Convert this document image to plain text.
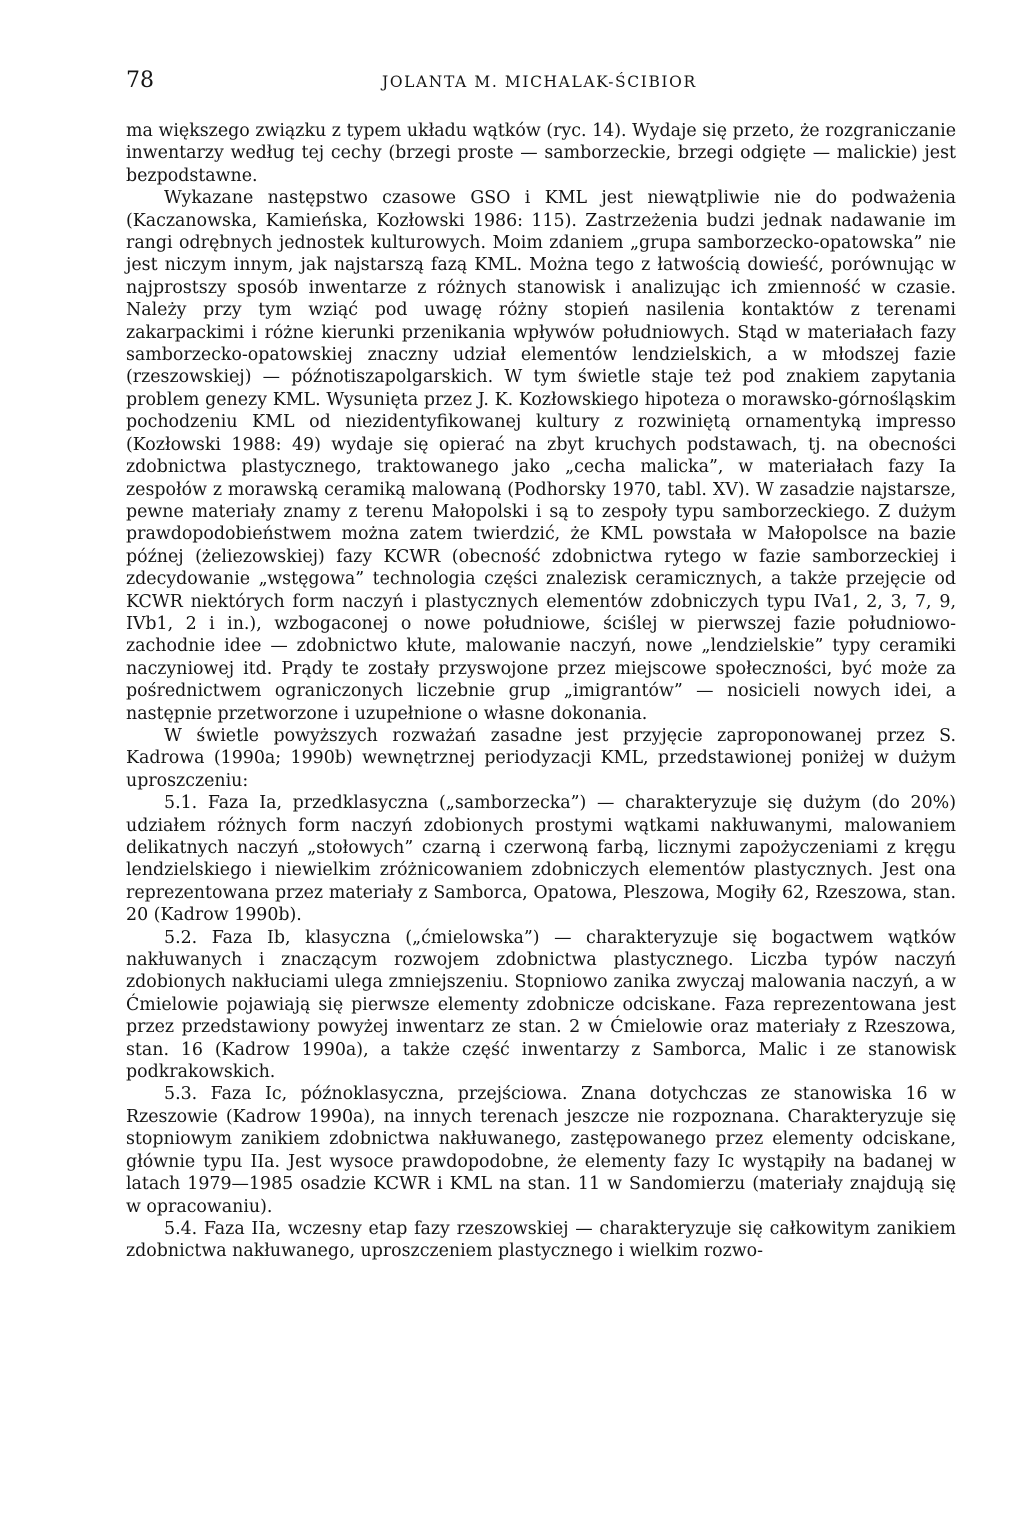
78	JOLANTA M. MICHALAK-ŚCIBIOR

ma większego związku z typem układu wątków (ryc. 14). Wydaje się przeto, że rozgraniczanie inwentarzy według tej cechy (brzegi proste — samborzeckie, brzegi odgięte — malickie) jest bezpodstawne.

Wykazane następstwo czasowe GSO i KML jest niewątpliwie nie do podważenia (Kaczanowska, Kamieńska, Kozłowski 1986: 115). Zastrzeżenia budzi jednak nadawanie im rangi odrębnych jednostek kulturowych. Moim zdaniem „grupa samborzecko-opatowska” nie jest niczym innym, jak najstarszą fazą KML. Można tego z łatwością dowieść, porównując w najprostszy sposób inwentarze z różnych stanowisk i analizując ich zmienność w czasie. Należy przy tym wziąć pod uwagę różny stopień nasilenia kontaktów z terenami zakarpackimi i różne kierunki przenikania wpływów południowych. Stąd w materiałach fazy samborzecko-opatowskiej znaczny udział elementów lendzielskich, a w młodszej fazie (rzeszowskiej) — późnotiszapolgarskich. W tym świetle staje też pod znakiem zapytania problem genezy KML. Wysunięta przez J. K. Kozłowskiego hipoteza o morawsko-górnośląskim pochodzeniu KML od niezidentyfikowanej kultury z rozwiniętą ornamentyką impresso (Kozłowski 1988: 49) wydaje się opierać na zbyt kruchych podstawach, tj. na obecności zdobnictwa plastycznego, traktowanego jako „cecha malicka”, w materiałach fazy Ia zespołów z morawską ceramiką malowaną (Podhorsky 1970, tabl. XV). W zasadzie najstarsze, pewne materiały znamy z terenu Małopolski i są to zespoły typu samborzeckiego. Z dużym prawdopodobieństwem można zatem twierdzić, że KML powstała w Małopolsce na bazie późnej (żeliezowskiej) fazy KCWR (obecność zdobnictwa rytego w fazie samborzeckiej i zdecydowanie „wstęgowa” technologia części znalezisk ceramicznych, a także przejęcie od KCWR niektórych form naczyń i plastycznych elementów zdobniczych typu IVa1, 2, 3, 7, 9, IVb1, 2 i in.), wzbogaconej o nowe południowe, ściślej w pierwszej fazie południowo-zachodnie idee — zdobnictwo kłute, malowanie naczyń, nowe „lendzielskie” typy ceramiki naczyniowej itd. Prądy te zostały przyswojone przez miejscowe społeczności, być może za pośrednictwem ograniczonych liczebnie grup „imigrantów” — nosicieli nowych idei, a następnie przetworzone i uzupełnione o własne dokonania.

W świetle powyższych rozważań zasadne jest przyjęcie zaproponowanej przez S. Kadrowa (1990a; 1990b) wewnętrznej periodyzacji KML, przedstawionej poniżej w dużym uproszczeniu:

5.1. Faza Ia, przedklasyczna („samborzecka”) — charakteryzuje się dużym (do 20%) udziałem różnych form naczyń zdobionych prostymi wątkami nakłuwanymi, malowaniem delikatnych naczyń „stołowych” czarną i czerwoną farbą, licznymi zapożyczeniami z kręgu lendzielskiego i niewielkim zróżnicowaniem zdobniczych elementów plastycznych. Jest ona reprezentowana przez materiały z Samborca, Opatowa, Pleszowa, Mogiły 62, Rzeszowa, stan. 20 (Kadrow 1990b).

5.2. Faza Ib, klasyczna („ćmielowska”) — charakteryzuje się bogactwem wątków nakłuwanych i znaczącym rozwojem zdobnictwa plastycznego. Liczba typów naczyń zdobionych nakłuciami ulega zmniejszeniu. Stopniowo zanika zwyczaj malowania naczyń, a w Ćmielowie pojawiają się pierwsze elementy zdobnicze odciskane. Faza reprezentowana jest przez przedstawiony powyżej inwentarz ze stan. 2 w Ćmielowie oraz materiały z Rzeszowa, stan. 16 (Kadrow 1990a), a także część inwentarzy z Samborca, Malic i ze stanowisk podkrakowskich.

5.3. Faza Ic, późnoklasyczna, przejściowa. Znana dotychczas ze stanowiska 16 w Rzeszowie (Kadrow 1990a), na innych terenach jeszcze nie rozpoznana. Charakteryzuje się stopniowym zanikiem zdobnictwa nakłuwanego, zastępowanego przez elementy odciskane, głównie typu IIa. Jest wysoce prawdopodobne, że elementy fazy Ic wystąpiły na badanej w latach 1979—1985 osadzie KCWR i KML na stan. 11 w Sandomierzu (materiały znajdują się w opracowaniu).

5.4. Faza IIa, wczesny etap fazy rzeszowskiej — charakteryzuje się całkowitym zanikiem zdobnictwa nakłuwanego, uproszczeniem plastycznego i wielkim rozwo-
